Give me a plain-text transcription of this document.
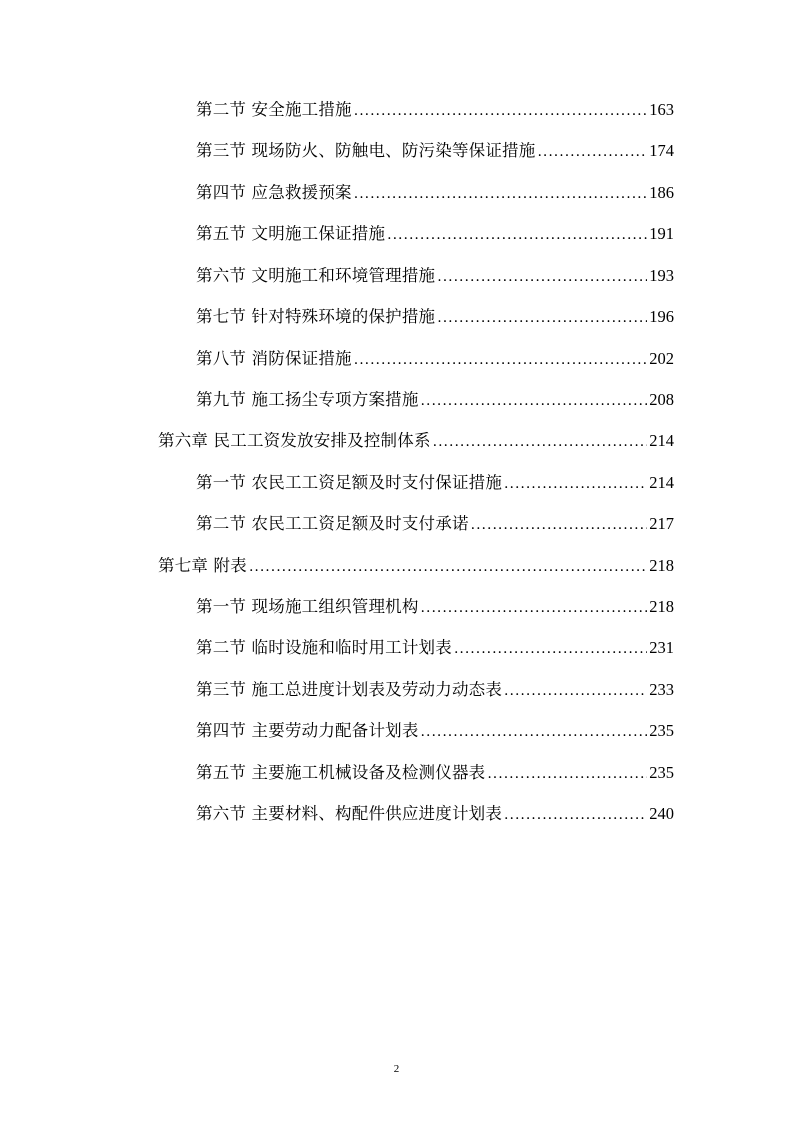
第二节 安全施工措施 .....	163
第三节 现场防火、防触电、防污染等保证措施 .....	174
第四节 应急救援预案 .....	186
第五节 文明施工保证措施 .....	191
第六节 文明施工和环境管理措施 .....	193
第七节 针对特殊环境的保护措施 .....	196
第八节 消防保证措施 .....	202
第九节 施工扬尘专项方案措施 .....	208
第六章 民工工资发放安排及控制体系 .....	214
第一节 农民工工资足额及时支付保证措施 .....	214
第二节 农民工工资足额及时支付承诺 .....	217
第七章 附表 .....	218
第一节 现场施工组织管理机构 .....	218
第二节 临时设施和临时用工计划表 .....	231
第三节 施工总进度计划表及劳动力动态表 .....	233
第四节 主要劳动力配备计划表 .....	235
第五节 主要施工机械设备及检测仪器表 .....	235
第六节 主要材料、构配件供应进度计划表 .....	240
2
